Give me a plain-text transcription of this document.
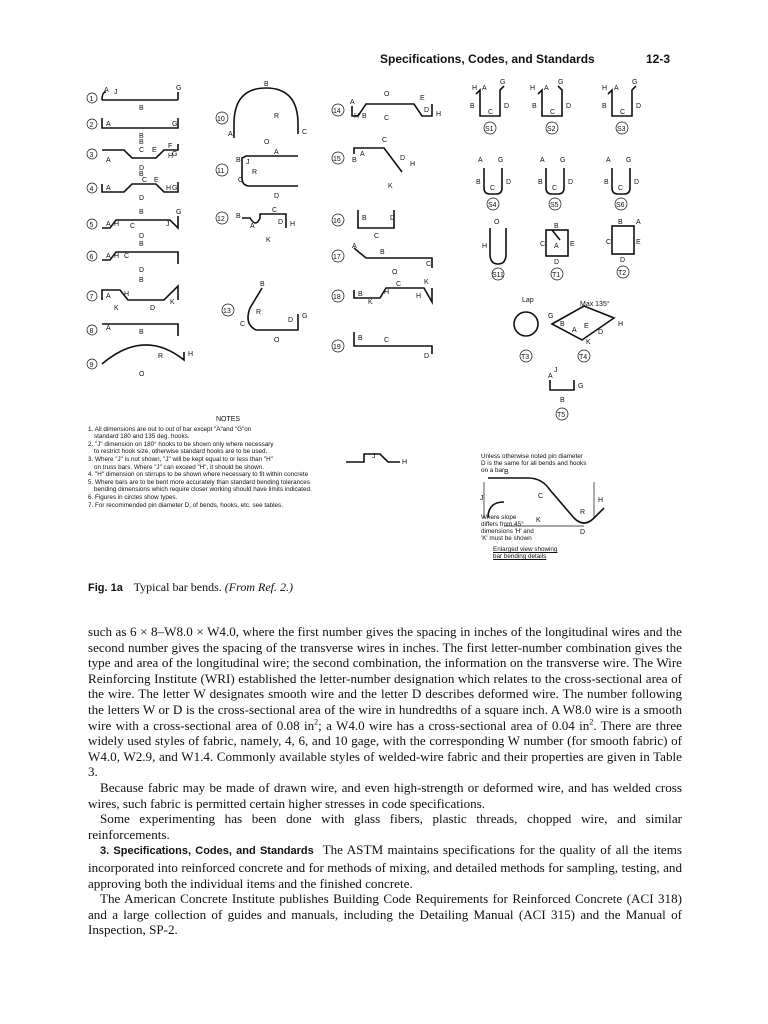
Specifications, Codes, and Standards	12-3
1
A J
G
B
2 A	G
B
3
A
C E
F
H
G
B
D
4 A
C E
H G
B
D
5 A H C	J
G
B
D
6 A H C
B
D
7 A H
D
K
K
B
8 A
B
9
R	H
O
10
B
R
A	C
O
11
B J
R
C
D
A
12 B
A
C
D H
K
13
B
R
C
D
G
O
14
A
H B C
D
E
H
O
15 B
A
C
D
H
K
16	B
C
D
17
A
B
C
18 B
K
H
C
H
K
O
19
B	C
D
H A
G
B
C
D
S1
H A
G
B
C
D
S2
H A
G
B
C
D
S3
A G
B
C
D
S4
A G
B
C
D
S5
A G
B
C
D
S6
O
H
S11
B
C A E
D
T1
B A
C	E
D
T2
Lap
T3
Max 135°
G
B
A
E
D
H
K
T4
A
J
G
B
T5
J
H
B
C
J
R
H
K
D
NOTES
1. All dimensions are out to out of bar except "A"and "G"on
standard 180 and 135 deg. hooks.
2. "J" dimension on 180° hooks to be shown only where necessary
to restrict hook size, otherwise standard hooks are to be used.
3. Where "J" is not shown, "J" will be kept equal to or less than "H"
on truss bars. Where "J" can exceed "H", it should be shown.
4. "H" dimension on stirrups to be shown where necessary to fit within concrete
5. Where bars are to be bent more accurately than standard bending tolerances
bending dimensions which require closer working should have limits indicated.
6. Figures in circles show types.
7. For recommended pin diameter D, of bends, hooks, etc. see tables.
Unless otherwise noted pin diameter
D is the same for all bends and hooks
on a bar
Where slope
differs from 45°
dimensions 'H' and
'K' must be shown
Enlarged view showing
bar bending details
Fig. 1a Typical bar bends. (From Ref. 2.)

such as 6 × 8–W8.0 × W4.0, where the first number gives the spacing in inches of the longitudinal wires and the second number gives the spacing of the transverse wires in inches. The first letter-number combination gives the type and area of the longitudinal wire; the second combination, the information on the transverse wire. The Wire Reinforcing Institute (WRI) established the letter-number designation which relates to the cross-sectional area of the wire. The letter W designates smooth wire and the letter D describes deformed wire. The number following the letters W or D is the cross-sectional area of the wire in hundredths of a square inch. A W8.0 wire is a smooth wire with a cross-sectional area of 0.08 $in^2$; a W4.0 wire has a cross-sectional area of 0.04 $in^2$. There are three widely used styles of fabric, namely, 4, 6, and 10 gage, with the corresponding W number (for smooth fabric) of W4.0, W2.9, and W1.4. Commonly available styles of welded-wire fabric and their properties are given in Table 3.

Because fabric may be made of drawn wire, and even high-strength or deformed wire, and has welded cross wires, such fabric is permitted certain higher stresses in code specifications.

Some experimenting has been done with glass fibers, plastic threads, chopped wire, and similar reinforcements.

3. Specifications, Codes, and Standards The ASTM maintains specifications for the quality of all the items incorporated into reinforced concrete and for methods of mixing, and detailed methods for sampling, testing, and approving both the individual items and the finished concrete.

The American Concrete Institute publishes Building Code Requirements for Reinforced Concrete (ACI 318) and a large collection of guides and manuals, including the Detailing Manual (ACI 315) and the Manual of Inspection, SP-2.
